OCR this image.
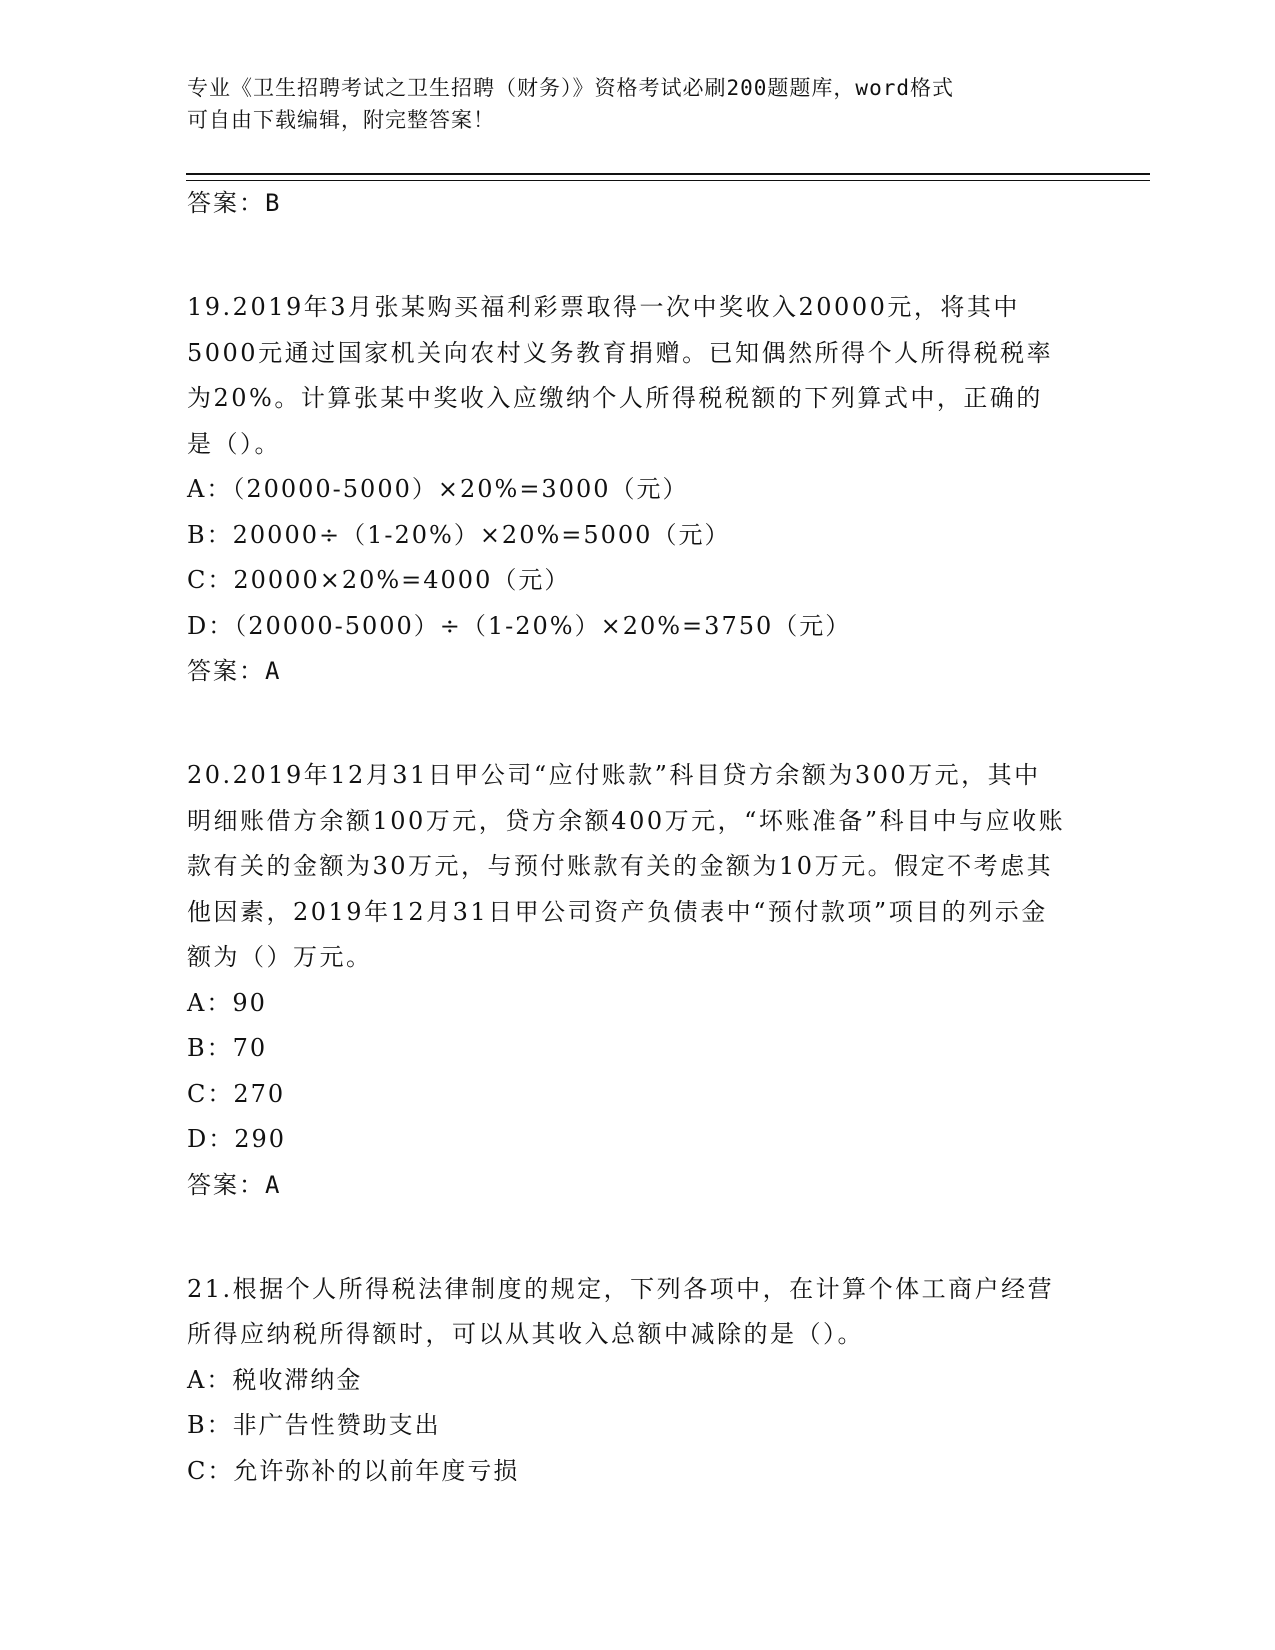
专业《卫生招聘考试之卫生招聘（财务）》资格考试必刷200题题库，word格式
可自由下载编辑，附完整答案！
答案：B
19.2019年3月张某购买福利彩票取得一次中奖收入20000元，将其中5000元通过国家机关向农村义务教育捐赠。已知偶然所得个人所得税税率为20%。计算张某中奖收入应缴纳个人所得税税额的下列算式中，正确的是（）。
A：（20000-5000）×20%=3000（元）
B：20000÷（1-20%）×20%=5000（元）
C：20000×20%=4000（元）
D：（20000-5000）÷（1-20%）×20%=3750（元）
答案：A
20.2019年12月31日甲公司“应付账款”科目贷方余额为300万元，其中明细账借方余额100万元，贷方余额400万元，“坏账准备”科目中与应收账款有关的金额为30万元，与预付账款有关的金额为10万元。假定不考虑其他因素，2019年12月31日甲公司资产负债表中“预付款项”项目的列示金额为（）万元。
A：90
B：70
C：270
D：290
答案：A
21.根据个人所得税法律制度的规定，下列各项中，在计算个体工商户经营所得应纳税所得额时，可以从其收入总额中减除的是（）。
A：税收滞纳金
B：非广告性赞助支出
C：允许弥补的以前年度亏损
